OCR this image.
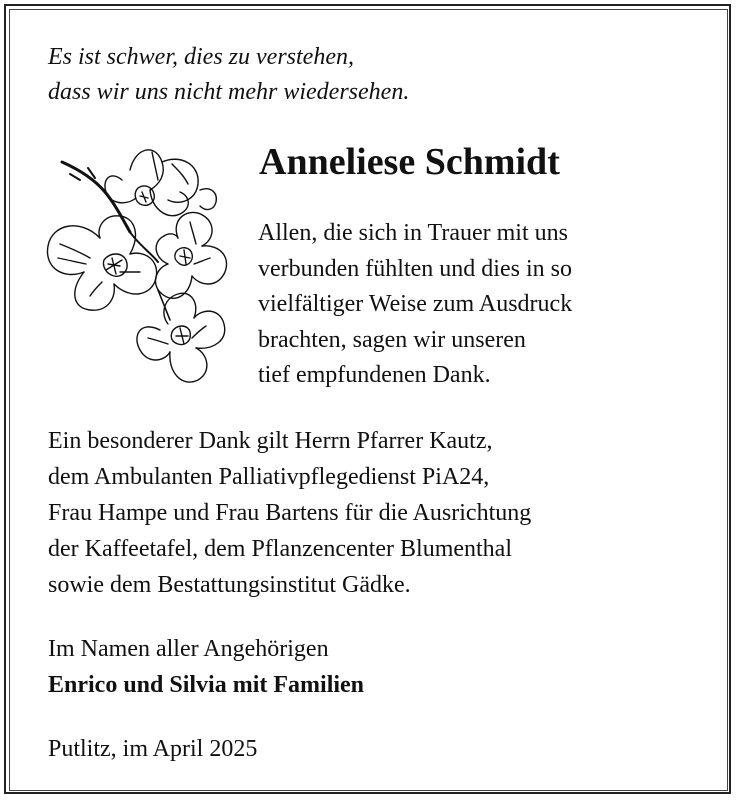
Es ist schwer, dies zu verstehen,
dass wir uns nicht mehr wiedersehen.
Anneliese Schmidt
Allen, die sich in Trauer mit uns
verbunden fühlten und dies in so
vielfältiger Weise zum Ausdruck
brachten, sagen wir unseren
tief empfundenen Dank.
Ein besonderer Dank gilt Herrn Pfarrer Kautz,
dem Ambulanten Palliativpflegedienst PiA24,
Frau Hampe und Frau Bartens für die Ausrichtung
der Kaffeetafel, dem Pflanzencenter Blumenthal
sowie dem Bestattungsinstitut Gädke.
Im Namen aller Angehörigen
Enrico und Silvia mit Familien
Putlitz, im April 2025
